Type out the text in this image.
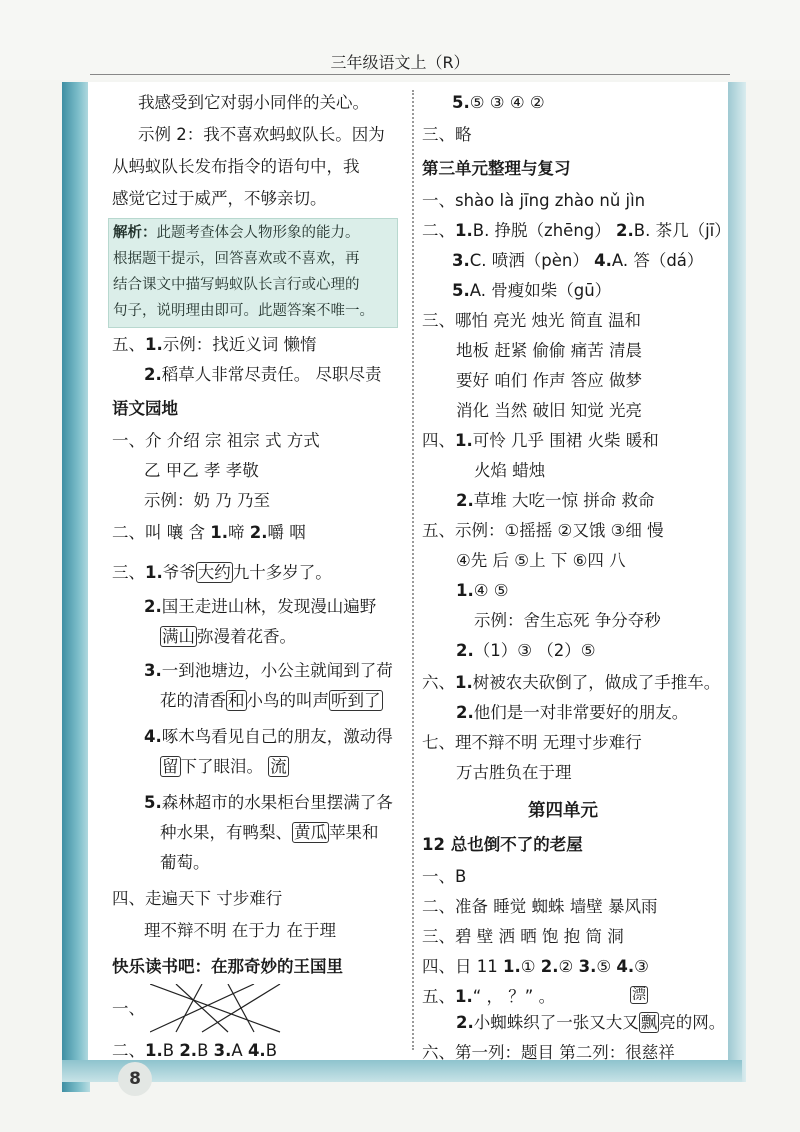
三年级语文上（R）
我感受到它对弱小同伴的关心。
示例 2：我不喜欢蚂蚁队长。因为
从蚂蚁队长发布指令的语句中，我
感觉它过于威严，不够亲切。
解析：此题考查体会人物形象的能力。
根据题干提示，回答喜欢或不喜欢，再
结合课文中描写蚂蚁队长言行或心理的
句子，说明理由即可。此题答案不唯一。
五、1.示例：找近义词 懒惰
2.稻草人非常尽责任。 尽职尽责
语文园地
一、介 介绍 宗 祖宗 式 方式
乙 甲乙 孝 孝敬
示例：奶 乃 乃至
二、叫 嚷 含 1.啼 2.嚼 咽
三、1.爷爷 大约 九十多岁了。
2.国王走进山林，发现漫山遍野
满山 弥漫着花香。
3.一到池塘边，小公主就闻到了荷
花的清香 和 小鸟的叫声 听到了
4.啄木鸟看见自己的朋友，激动得
留 下了眼泪。 流
5.森林超市的水果柜台里摆满了各
种水果，有鸭梨、 黄瓜 苹果和
葡萄。
四、走遍天下 寸步难行
理不辩不明 在于力 在于理
快乐读书吧：在那奇妙的王国里
一、
二、1.B 2.B 3.A 4.B
8
5.⑤ ③ ④ ②
三、略
第三单元整理与复习
一、shào là jīng zhào nǔ jìn
二、1.B. 挣脱（zhēng） 2.B. 茶几（jī）
3.C. 喷洒（pèn） 4.A. 答（dá）
5.A. 骨瘦如柴（gū）
三、哪怕 亮光 烛光 简直 温和
地板 赶紧 偷偷 痛苦 清晨
要好 咱们 作声 答应 做梦
消化 当然 破旧 知觉 光亮
四、1.可怜 几乎 围裙 火柴 暖和
火焰 蜡烛
2.草堆 大吃一惊 拼命 救命
五、示例：①摇摇 ②又饿 ③细 慢
④先 后 ⑤上 下 ⑥四 八
1.④ ⑤
示例：舍生忘死 争分夺秒
2.（1）③ （2）⑤
六、1.树被农夫砍倒了，做成了手推车。
2.他们是一对非常要好的朋友。
七、理不辩不明 无理寸步难行
万古胜负在于理
第四单元
12 总也倒不了的老屋
一、B
二、准备 睡觉 蜘蛛 墙壁 暴风雨
三、碧 壁 洒 晒 饱 抱 筒 洞
四、日 11 1.① 2.② 3.⑤ 4.③
五、1.“ ， ？” 。	漂
2.小蜘蛛织了一张又大又 飘 亮的网。
六、第一列：题目 第二列：很慈祥
